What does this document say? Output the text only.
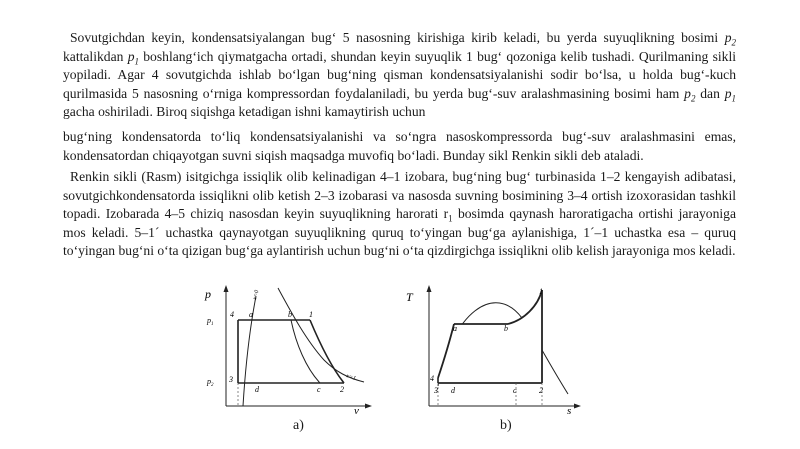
Sovutgichdan keyin, kondensatsiyalangan bug‘ 5 nasosning kirishiga kirib keladi, bu yerda suyuqlikning bosimi $p_2$ kattalikdan $p_1$ boshlang‘ich qiymatgacha ortadi, shundan keyin suyuqlik 1 bug‘ qozoniga kelib tushadi. Qurilmaning sikli yopiladi. Agar 4 sovutgichda ishlab bo‘lgan bug‘ning qisman kondensatsiyalanishi sodir bo‘lsa, u holda bug‘-kuch qurilmasida 5 nasosning o‘rniga kompressordan foydalaniladi, bu yerda bug‘-suv aralashmasining bosimi ham $p_2$ dan $p_1$ gacha oshiriladi. Biroq siqishga ketadigan ishni kamaytirish uchun

bug‘ning kondensatorda to‘liq kondensatsiyalanishi va so‘ngra nasoskompressorda bug‘-suv aralashmasini emas, kondensatordan chiqayotgan suvni siqish maqsadga muvofiq bo‘ladi. Bunday sikl Renkin sikli deb ataladi.

Renkin sikli (Rasm) isitgichga issiqlik olib kelinadigan 4–1 izobara, bug‘ning bug‘ turbinasida 1–2 kengayish adibatasi, sovutgichkondensatorda issiqlikni olib ketish 2–3 izobarasi va nasosda suvning bosimining 3–4 ortish izoxorasidan tashkil topadi. Izobarada 4–5 chiziq nasosdan keyin suyuqlikning harorati $r_1$ bosimda qaynash haroratigacha ortishi jarayoniga mos keladi. 5–1´ uchastka qaynayotgan suyuqlikning quruq to‘yingan bug‘ga aylanishiga, 1´–1 uchastka esa – quruq to‘yingan bug‘ni o‘ta qizigan bug‘ga aylantirish uchun bug‘ni o‘ta qizdirgichga issiqlikni olib kelish jarayoniga mos keladi.

p
v
$p_1$
$p_2$
x=0
x=1
4 a	b 1
3
d	c 2
a)
T
s
1
a	b
4
3 d	c	2
b)
